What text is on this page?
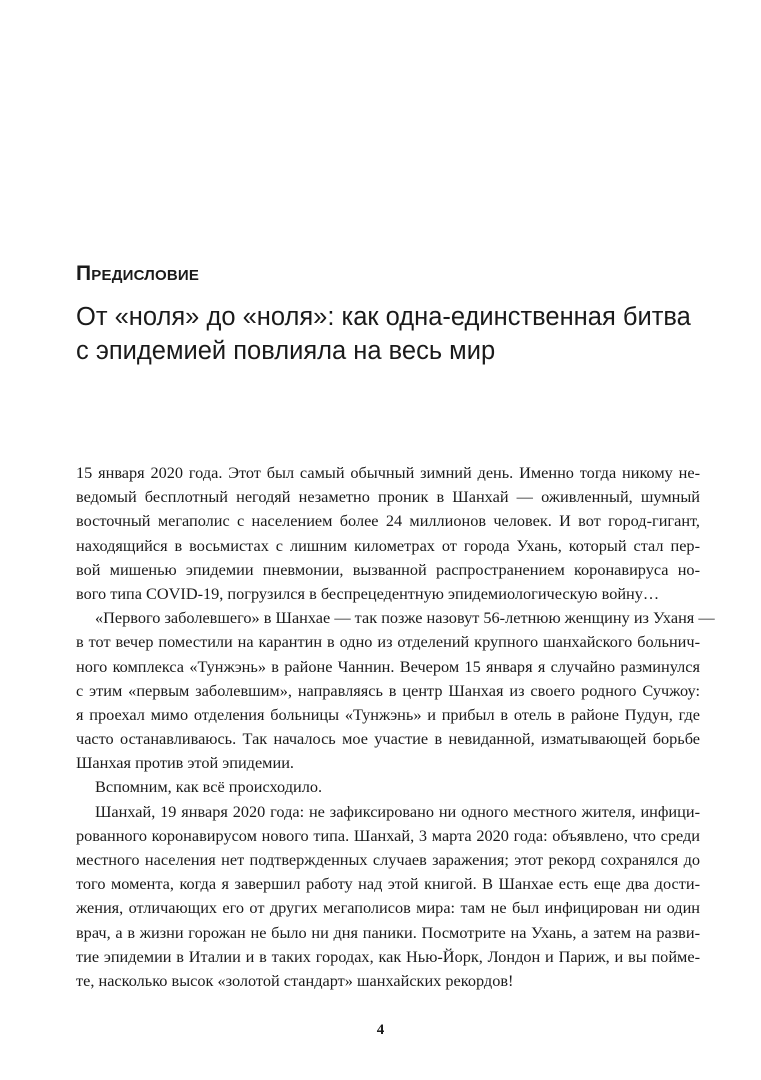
Предисловие
От «ноля» до «ноля»: как одна-единственная битва
с эпидемией повлияла на весь мир
15 января 2020 года. Этот был самый обычный зимний день. Именно тогда никому не-
ведомый бесплотный негодяй незаметно проник в Шанхай — оживленный, шумный
восточный мегаполис с населением более 24 миллионов человек. И вот город-гигант,
находящийся в восьмистах с лишним километрах от города Ухань, который стал пер-
вой мишенью эпидемии пневмонии, вызванной распространением коронавируса но-
вого типа COVID-19, погрузился в беспрецедентную эпидемиологическую войну…
«Первого заболевшего» в Шанхае — так позже назовут 56-летнюю женщину из Уханя —
в тот вечер поместили на карантин в одно из отделений крупного шанхайского больнич-
ного комплекса «Тунжэнь» в районе Чаннин. Вечером 15 января я случайно разминулся
с этим «первым заболевшим», направляясь в центр Шанхая из своего родного Сучжоу:
я проехал мимо отделения больницы «Тунжэнь» и прибыл в отель в районе Пудун, где
часто останавливаюсь. Так началось мое участие в невиданной, изматывающей борьбе
Шанхая против этой эпидемии.
Вспомним, как всё происходило.
Шанхай, 19 января 2020 года: не зафиксировано ни одного местного жителя, инфици-
рованного коронавирусом нового типа. Шанхай, 3 марта 2020 года: объявлено, что среди
местного населения нет подтвержденных случаев заражения; этот рекорд сохранялся до
того момента, когда я завершил работу над этой книгой. В Шанхае есть еще два дости-
жения, отличающих его от других мегаполисов мира: там не был инфицирован ни один
врач, а в жизни горожан не было ни дня паники. Посмотрите на Ухань, а затем на разви-
тие эпидемии в Италии и в таких городах, как Нью-Йорк, Лондон и Париж, и вы пойме-
те, насколько высок «золотой стандарт» шанхайских рекордов!
4
